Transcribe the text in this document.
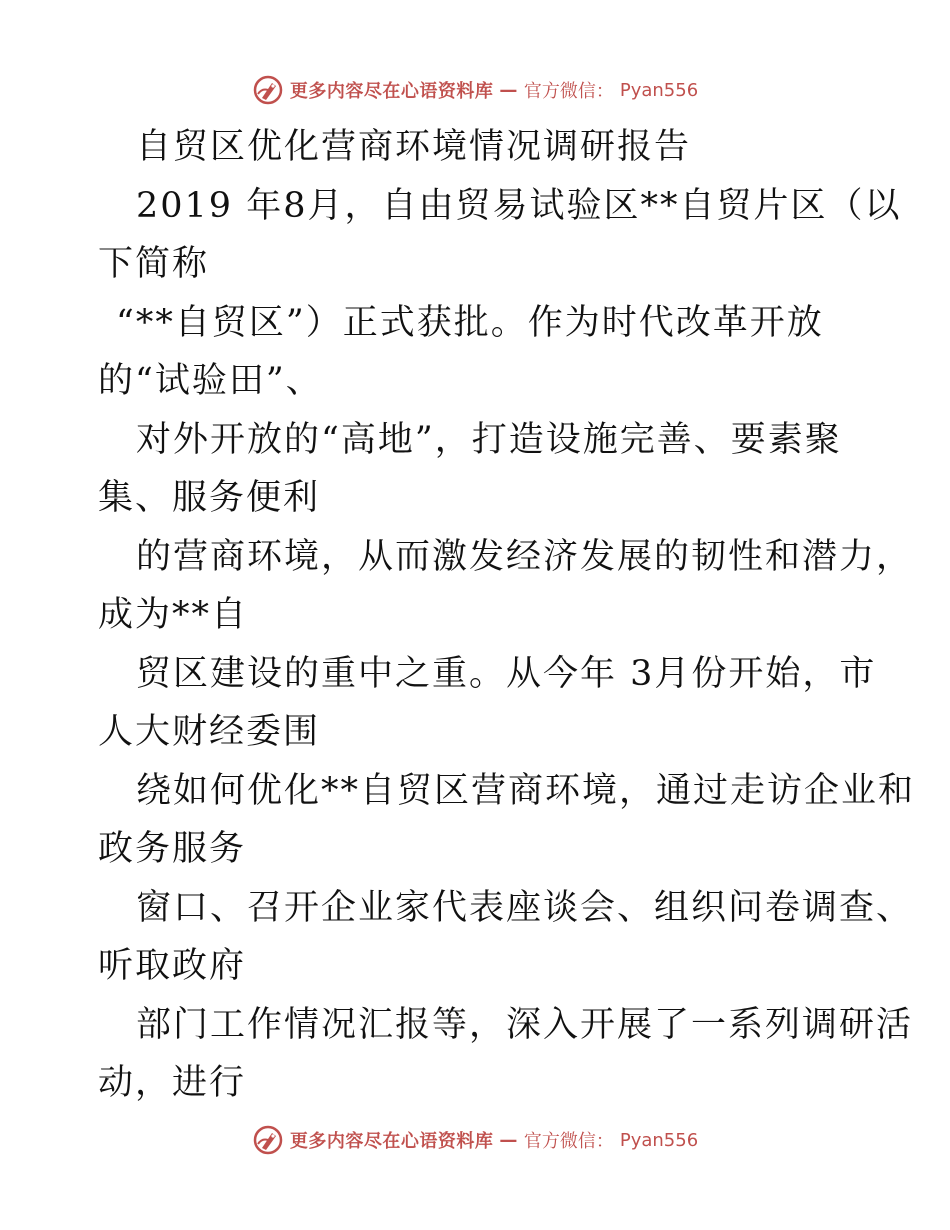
更多内容尽在心语资料库 — 官方微信： Pyan556
自贸区优化营商环境情况调研报告
2019 年8月，自由贸易试验区**自贸片区（以
下简称
“**自贸区”）正式获批。作为时代改革开放
的“试验田”、
对外开放的“高地”，打造设施完善、要素聚
集、服务便利
的营商环境，从而激发经济发展的韧性和潜力，
成为**自
贸区建设的重中之重。从今年 3月份开始，市
人大财经委围
绕如何优化**自贸区营商环境，通过走访企业和
政务服务
窗口、召开企业家代表座谈会、组织问卷调查、
听取政府
部门工作情况汇报等，深入开展了一系列调研活
动，进行
更多内容尽在心语资料库 — 官方微信： Pyan556
